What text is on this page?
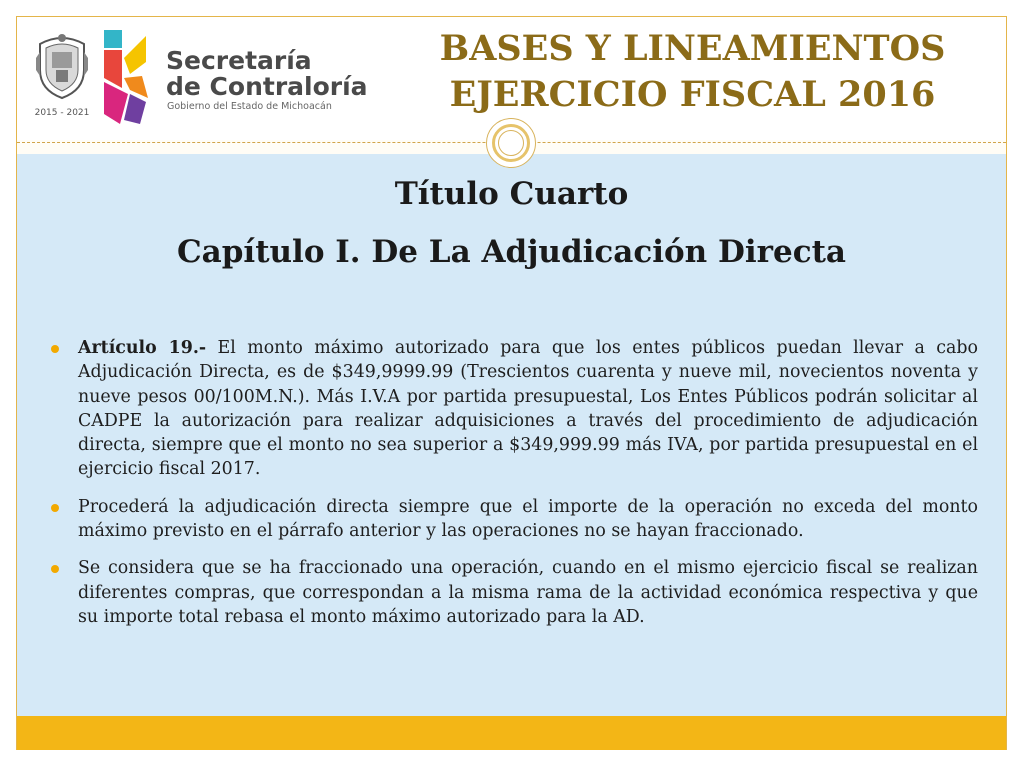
2015 - 2021
Secretaría
de Contraloría
Gobierno del Estado de Michoacán
BASES Y LINEAMIENTOS
EJERCICIO FISCAL 2016
Título Cuarto
Capítulo I. De La Adjudicación Directa
Artículo 19.- El monto máximo autorizado para que los entes públicos puedan llevar a cabo Adjudicación Directa, es de $349,9999.99 (Trescientos cuarenta y nueve mil, novecientos noventa y nueve pesos 00/100M.N.). Más I.V.A por partida presupuestal, Los Entes Públicos podrán solicitar al CADPE la autorización para realizar adquisiciones a través del procedimiento de adjudicación directa, siempre que el monto no sea superior a $349,999.99 más IVA, por partida presupuestal en el ejercicio fiscal 2017.
Procederá la adjudicación directa siempre que el importe de la operación no exceda del monto máximo previsto en el párrafo anterior y las operaciones no se hayan fraccionado.
Se considera que se ha fraccionado una operación, cuando en el mismo ejercicio fiscal se realizan diferentes compras, que correspondan a la misma rama de la actividad económica respectiva y que su importe total rebasa el monto máximo autorizado para la AD.
